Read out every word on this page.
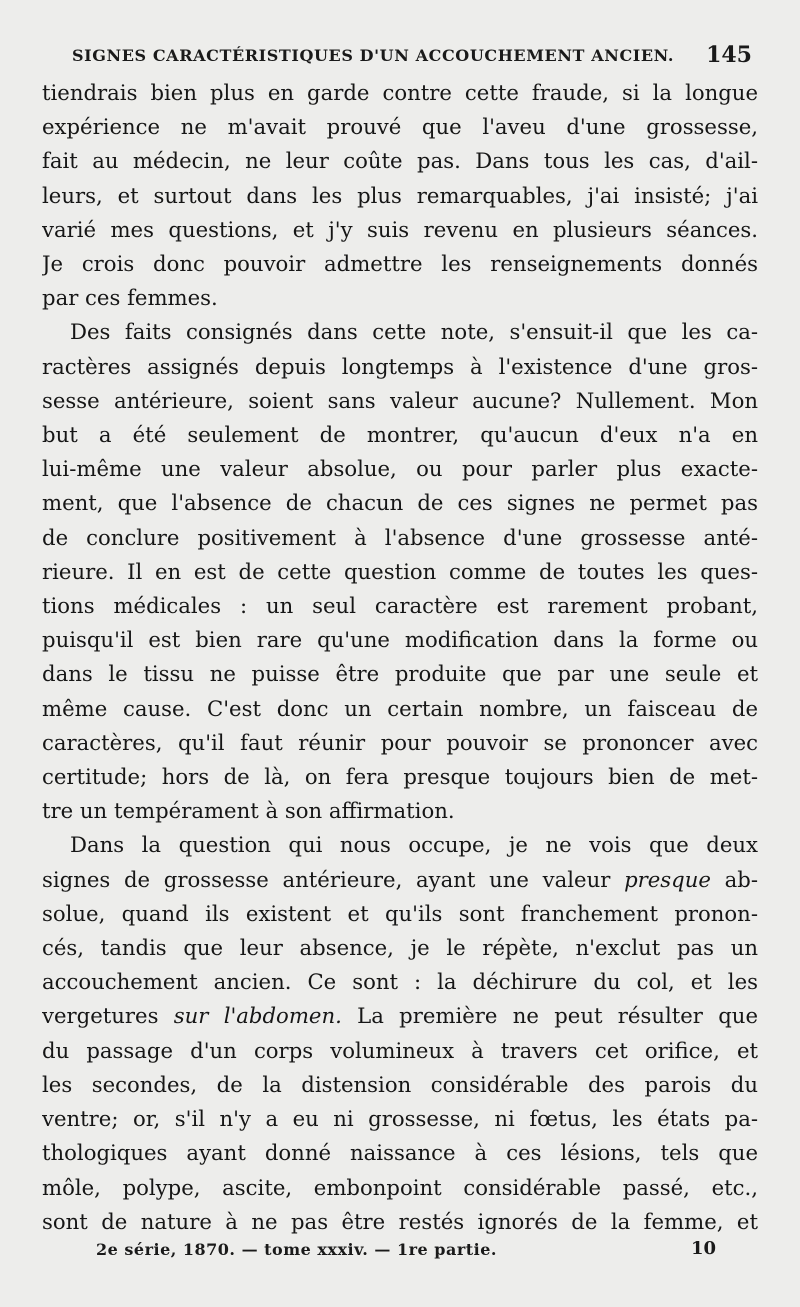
SIGNES CARACTÉRISTIQUES D'UN ACCOUCHEMENT ANCIEN. 145
tiendrais bien plus en garde contre cette fraude, si la longue
expérience ne m'avait prouvé que l'aveu d'une grossesse,
fait au médecin, ne leur coûte pas. Dans tous les cas, d'ail-
leurs, et surtout dans les plus remarquables, j'ai insisté; j'ai
varié mes questions, et j'y suis revenu en plusieurs séances.
Je crois donc pouvoir admettre les renseignements donnés
par ces femmes.
Des faits consignés dans cette note, s'ensuit-il que les ca-
ractères assignés depuis longtemps à l'existence d'une gros-
sesse antérieure, soient sans valeur aucune? Nullement. Mon
but a été seulement de montrer, qu'aucun d'eux n'a en
lui-même une valeur absolue, ou pour parler plus exacte-
ment, que l'absence de chacun de ces signes ne permet pas
de conclure positivement à l'absence d'une grossesse anté-
rieure. Il en est de cette question comme de toutes les ques-
tions médicales : un seul caractère est rarement probant,
puisqu'il est bien rare qu'une modification dans la forme ou
dans le tissu ne puisse être produite que par une seule et
même cause. C'est donc un certain nombre, un faisceau de
caractères, qu'il faut réunir pour pouvoir se prononcer avec
certitude; hors de là, on fera presque toujours bien de met-
tre un tempérament à son affirmation.
Dans la question qui nous occupe, je ne vois que deux
signes de grossesse antérieure, ayant une valeur presque ab-
solue, quand ils existent et qu'ils sont franchement pronon-
cés, tandis que leur absence, je le répète, n'exclut pas un
accouchement ancien. Ce sont : la déchirure du col, et les
vergetures sur l'abdomen. La première ne peut résulter que
du passage d'un corps volumineux à travers cet orifice, et
les secondes, de la distension considérable des parois du
ventre; or, s'il n'y a eu ni grossesse, ni fœtus, les états pa-
thologiques ayant donné naissance à ces lésions, tels que
môle, polype, ascite, embonpoint considérable passé, etc.,
sont de nature à ne pas être restés ignorés de la femme, et
2e série, 1870. — tome xxxiv. — 1re partie.	10
